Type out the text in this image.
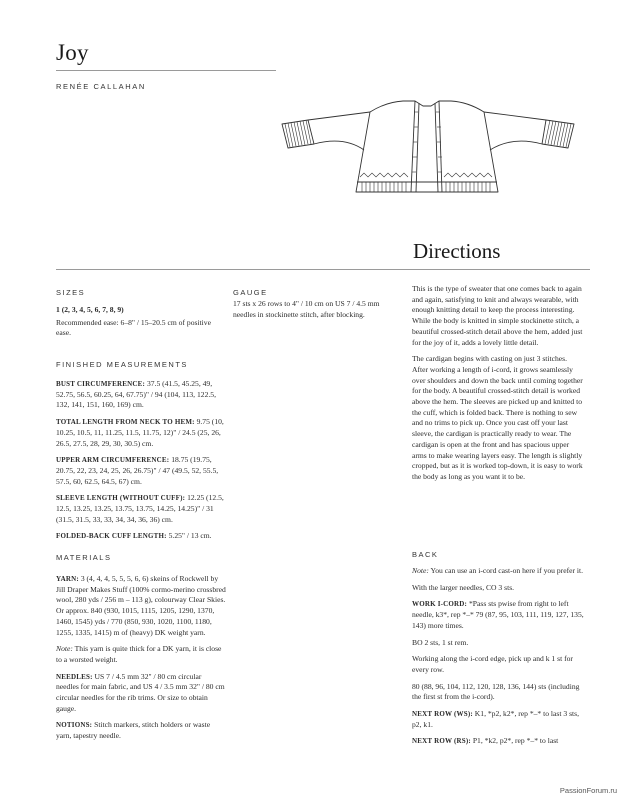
Joy
RENÉE CALLAHAN
Directions
SIZES

1 (2, 3, 4, 5, 6, 7, 8, 9)

Recommended ease: 6–8" / 15–20.5 cm of positive ease.

FINISHED MEASUREMENTS

BUST CIRCUMFERENCE: 37.5 (41.5, 45.25, 49, 52.75, 56.5, 60.25, 64, 67.75)" / 94 (104, 113, 122.5, 132, 141, 151, 160, 169) cm.

TOTAL LENGTH FROM NECK TO HEM: 9.75 (10, 10.25, 10.5, 11, 11.25, 11.5, 11.75, 12)" / 24.5 (25, 26, 26.5, 27.5, 28, 29, 30, 30.5) cm.

UPPER ARM CIRCUMFERENCE: 18.75 (19.75, 20.75, 22, 23, 24, 25, 26, 26.75)" / 47 (49.5, 52, 55.5, 57.5, 60, 62.5, 64.5, 67) cm.

SLEEVE LENGTH (WITHOUT CUFF): 12.25 (12.5, 12.5, 13.25, 13.25, 13.75, 13.75, 14.25, 14.25)" / 31 (31.5, 31.5, 33, 33, 34, 34, 36, 36) cm.

FOLDED-BACK CUFF LENGTH: 5.25" / 13 cm.

MATERIALS

YARN: 3 (4, 4, 4, 5, 5, 5, 6, 6) skeins of Rockwell by Jill Draper Makes Stuff (100% cormo-merino crossbred wool, 280 yds / 256 m – 113 g), colourway Clear Skies. Or approx. 840 (930, 1015, 1115, 1205, 1290, 1370, 1460, 1545) yds / 770 (850, 930, 1020, 1100, 1180, 1255, 1335, 1415) m of (heavy) DK weight yarn.

Note: This yarn is quite thick for a DK yarn, it is close to a worsted weight.

NEEDLES: US 7 / 4.5 mm 32" / 80 cm circular needles for main fabric, and US 4 / 3.5 mm 32" / 80 cm circular needles for the rib trims. Or size to obtain gauge.

NOTIONS: Stitch markers, stitch holders or waste yarn, tapestry needle.

GAUGE
17 sts x 26 rows to 4" / 10 cm on US 7 / 4.5 mm needles in stockinette stitch, after blocking.

This is the type of sweater that one comes back to again and again, satisfying to knit and always wearable, with enough knitting detail to keep the process interesting. While the body is knitted in simple stockinette stitch, a beautiful crossed-stitch detail above the hem, added just for the joy of it, adds a lovely little detail.

The cardigan begins with casting on just 3 stitches. After working a length of i-cord, it grows seamlessly over shoulders and down the back until coming together for the body. A beautiful crossed-stitch detail is worked above the hem. The sleeves are picked up and knitted to the cuff, which is folded back. There is nothing to sew and no trims to pick up. Once you cast off your last sleeve, the cardigan is practically ready to wear. The cardigan is open at the front and has spacious upper arms to make wearing layers easy. The length is slightly cropped, but as it is worked top-down, it is easy to work the body as long as you want it to be.

BACK

Note: You can use an i-cord cast-on here if you prefer it.

With the larger needles, CO 3 sts.

WORK I-CORD: *Pass sts pwise from right to left needle, k3*, rep *–* 79 (87, 95, 103, 111, 119, 127, 135, 143) more times.

BO 2 sts, 1 st rem.

Working along the i-cord edge, pick up and k 1 st for every row.

80 (88, 96, 104, 112, 120, 128, 136, 144) sts (including the first st from the i-cord).

NEXT ROW (WS): K1, *p2, k2*, rep *–* to last 3 sts, p2, k1.

NEXT ROW (RS): P1, *k2, p2*, rep *–* to last

PassionForum.ru
